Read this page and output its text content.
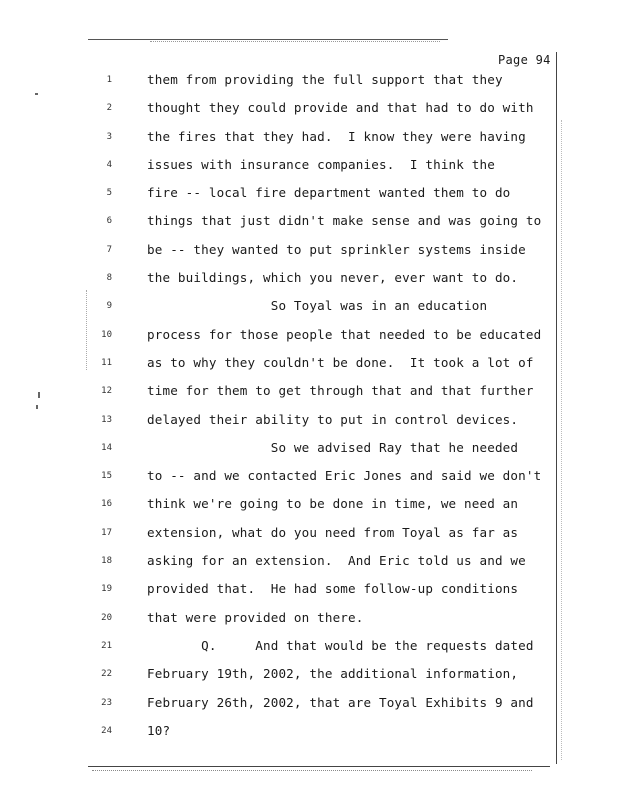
Page 94
1	them from providing the full support that they
2	thought they could provide and that had to do with
3	the fires that they had.  I know they were having
4	issues with insurance companies.  I think the
5	fire -- local fire department wanted them to do
6	things that just didn't make sense and was going to
7	be -- they wanted to put sprinkler systems inside
8	the buildings, which you never, ever want to do.
9	So Toyal was in an education
10	process for those people that needed to be educated
11	as to why they couldn't be done.  It took a lot of
12	time for them to get through that and that further
13	delayed their ability to put in control devices.
14	So we advised Ray that he needed
15	to -- and we contacted Eric Jones and said we don't
16	think we're going to be done in time, we need an
17	extension, what do you need from Toyal as far as
18	asking for an extension.  And Eric told us and we
19	provided that.  He had some follow-up conditions
20	that were provided on there.
21	Q.     And that would be the requests dated
22	February 19th, 2002, the additional information,
23	February 26th, 2002, that are Toyal Exhibits 9 and
24	10?
